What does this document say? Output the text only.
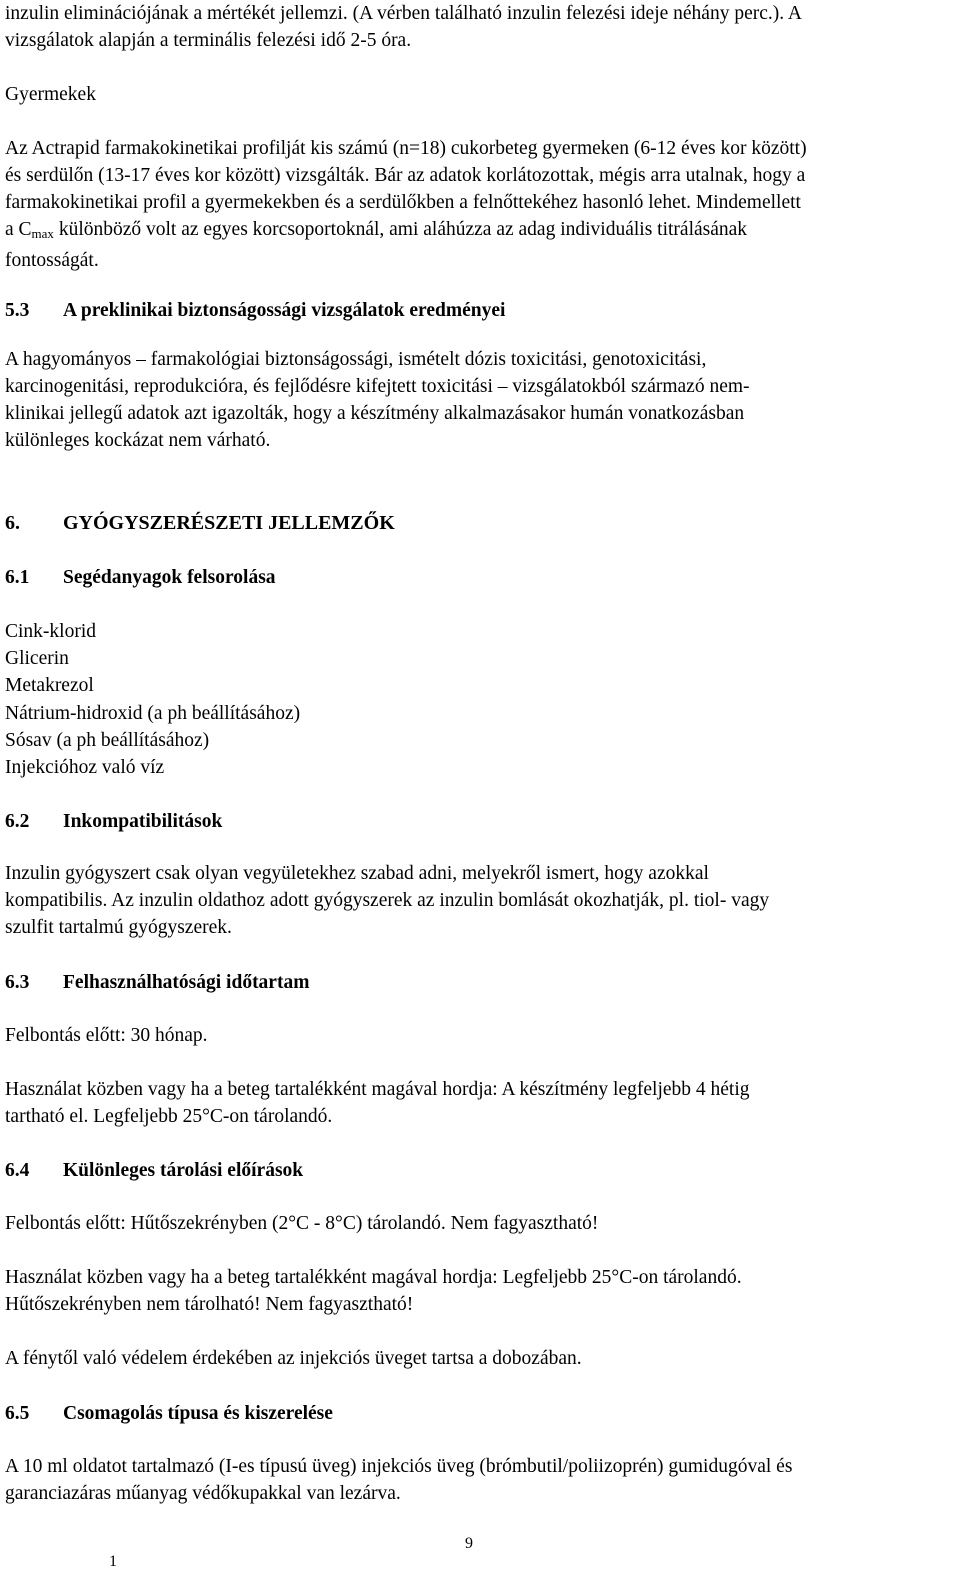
inzulin eliminációjának a mértékét jellemzi. (A vérben található inzulin felezési ideje néhány perc.). A

vizsgálatok alapján a terminális felezési idő 2-5 óra.

Gyermekek

Az Actrapid farmakokinetikai profilját kis számú (n=18) cukorbeteg gyermeken (6-12 éves kor között)

és serdülőn (13-17 éves kor között) vizsgálták. Bár az adatok korlátozottak, mégis arra utalnak, hogy a

farmakokinetikai profil a gyermekekben és a serdülőkben a felnőttekéhez hasonló lehet. Mindemellett

a $C_{max}$ különböző volt az egyes korcsoportoknál, ami aláhúzza az adag individuális titrálásának

fontosságát.

5.3 A preklinikai biztonságossági vizsgálatok eredményei

A hagyományos – farmakológiai biztonságossági, ismételt dózis toxicitási, genotoxicitási,

karcinogenitási, reprodukcióra, és fejlődésre kifejtett toxicitási – vizsgálatokból származó nem-

klinikai jellegű adatok azt igazolták, hogy a készítmény alkalmazásakor humán vonatkozásban

különleges kockázat nem várható.

6. GYÓGYSZERÉSZETI JELLEMZŐK
6.1 Segédanyagok felsorolása
Cink-klorid
Glicerin
Metakrezol
Nátrium-hidroxid (a ph beállításához)
Sósav (a ph beállításához)
Injekcióhoz való víz
6.2 Inkompatibilitások

Inzulin gyógyszert csak olyan vegyületekhez szabad adni, melyekről ismert, hogy azokkal

kompatibilis. Az inzulin oldathoz adott gyógyszerek az inzulin bomlását okozhatják, pl. tiol- vagy

szulfit tartalmú gyógyszerek.

6.3 Felhasználhatósági időtartam
Felbontás előtt: 30 hónap.

Használat közben vagy ha a beteg tartalékként magával hordja: A készítmény legfeljebb 4 hétig

tartható el. Legfeljebb 25°C-on tárolandó.

6.4 Különleges tárolási előírások
Felbontás előtt: Hűtőszekrényben (2°C - 8°C) tárolandó. Nem fagyasztható!

Használat közben vagy ha a beteg tartalékként magával hordja: Legfeljebb 25°C-on tárolandó.

Hűtőszekrényben nem tárolható! Nem fagyasztható!

A fénytől való védelem érdekében az injekciós üveget tartsa a dobozában.
6.5 Csomagolás típusa és kiszerelése

A 10 ml oldatot tartalmazó (I-es típusú üveg) injekciós üveg (brómbutil/poliizoprén) gumidugóval és

garanciazáras műanyag védőkupakkal van lezárva.

9
1
